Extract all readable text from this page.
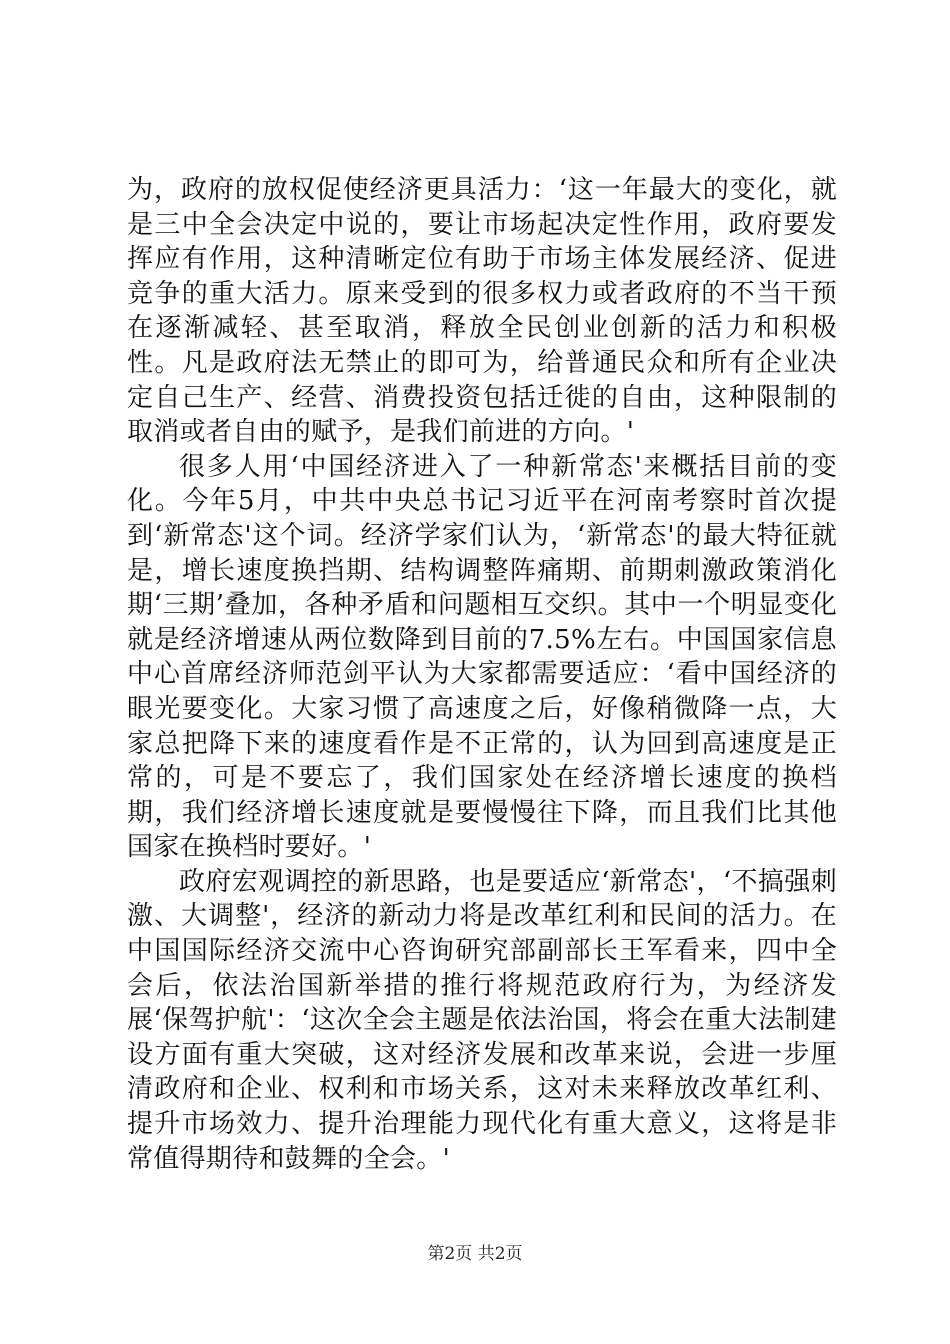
为，政府的放权促使经济更具活力：‘这一年最大的变化，就是三中全会决定中说的，要让市场起决定性作用，政府要发挥应有作用，这种清晰定位有助于市场主体发展经济、促进竞争的重大活力。原来受到的很多权力或者政府的不当干预在逐渐减轻、甚至取消，释放全民创业创新的活力和积极性。凡是政府法无禁止的即可为，给普通民众和所有企业决定自己生产、经营、消费投资包括迁徙的自由，这种限制的取消或者自由的赋予，是我们前进的方向。'

很多人用‘中国经济进入了一种新常态'来概括目前的变化。今年5月，中共中央总书记习近平在河南考察时首次提到‘新常态'这个词。经济学家们认为，‘新常态'的最大特征就是，增长速度换挡期、结构调整阵痛期、前期刺激政策消化期‘三期’叠加，各种矛盾和问题相互交织。其中一个明显变化就是经济增速从两位数降到目前的7.5%左右。中国国家信息中心首席经济师范剑平认为大家都需要适应：‘看中国经济的眼光要变化。大家习惯了高速度之后，好像稍微降一点，大家总把降下来的速度看作是不正常的，认为回到高速度是正常的，可是不要忘了，我们国家处在经济增长速度的换档期，我们经济增长速度就是要慢慢往下降，而且我们比其他国家在换档时要好。'

政府宏观调控的新思路，也是要适应‘新常态'，‘不搞强刺激、大调整'，经济的新动力将是改革红利和民间的活力。在中国国际经济交流中心咨询研究部副部长王军看来，四中全会后，依法治国新举措的推行将规范政府行为，为经济发展‘保驾护航'：‘这次全会主题是依法治国，将会在重大法制建设方面有重大突破，这对经济发展和改革来说，会进一步厘清政府和企业、权利和市场关系，这对未来释放改革红利、提升市场效力、提升治理能力现代化有重大意义，这将是非常值得期待和鼓舞的全会。'

第2页 共2页
